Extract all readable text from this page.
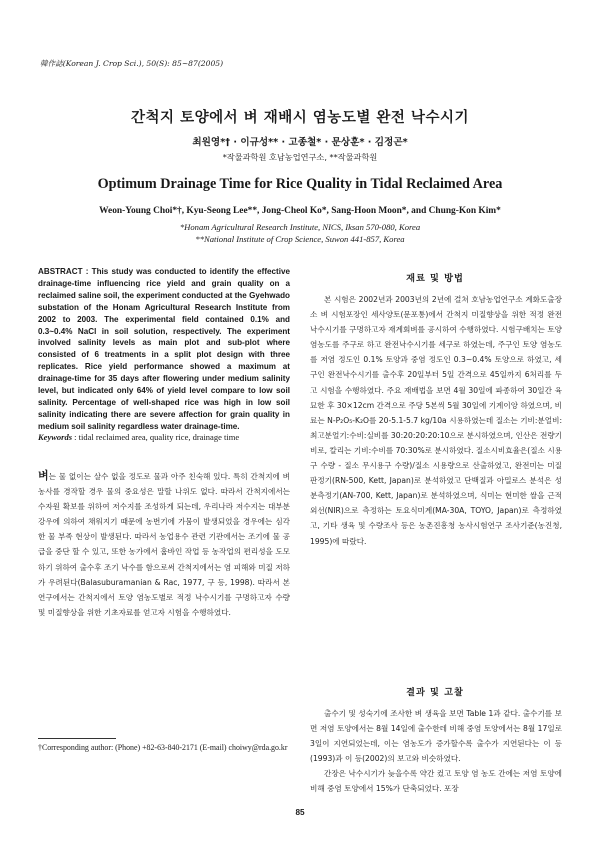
韓作誌(Korean J. Crop Sci.), 50(S): 85~87(2005)
간척지 토양에서 벼 재배시 염농도별 완전 낙수시기
최원영*† · 이규성** · 고종철* · 문상훈* · 김정곤*
*작물과학원 호남농업연구소, **작물과학원
Optimum Drainage Time for Rice Quality in Tidal Reclaimed Area
Weon-Young Choi*†, Kyu-Seong Lee**, Jong-Cheol Ko*, Sang-Hoon Moon*, and Chung-Kon Kim*
*Honam Agricultural Research Institute, NICS, Iksan 570-080, Korea
**National Institute of Crop Science, Suwon 441-857, Korea
ABSTRACT : This study was conducted to identify the effective drainage-time influencing rice yield and grain quality on a reclaimed saline soil, the experiment conducted at the Gyehwado substation of the Honam Agricultural Research Institute from 2002 to 2003. The experimental field contained 0.1% and 0.3~0.4% NaCl in soil solution, respectively. The experiment involved salinity levels as main plot and sub-plot where consisted of 6 treatments in a split plot design with three replicates. Rice yield performance showed a maximum at drainage-time for 35 days after flowering under medium salinity level, but indicated only 64% of yield level compare to low soil salinity. Percentage of well-shaped rice was high in low soil salinity indicating there are severe affection for grain quality in medium soil salinity regardless water drainage-time.
Keywords : tidal reclaimed area, quality rice, drainage time
벼는 물 없이는 살수 없을 정도로 물과 아주 친숙해 있다. 특히 간척지에 벼농사를 경작할 경우 물의 중요성은 말할 나위도 없다. 따라서 간척지에서는 수자원 확보를 위하여 저수지를 조성하게 되는데, 우리나라 저수지는 대부분 강우에 의하여 채워지기 때문에 농번기에 가뭄이 발생되었을 경우에는 심각한 물 부족 현상이 발생된다. 따라서 농업용수 관련 기관에서는 조기에 물 공급을 중단 할 수 있고, 또한 농가에서 훔바인 작업 등 농작업의 편리성을 도모하기 위하여 출수후 조기 낙수를 함으로써 간척지에서는 염 피해와 미질 저하가 우려된다(Balasuburamanian & Rac, 1977, 구 등, 1998). 따라서 본 연구에서는 간척지에서 토양 염농도별로 적정 낙수시기를 구명하고자 수량 및 미질향상을 위한 기초자료를 얻고자 시험을 수행하였다.
†Corresponding author: (Phone) +82-63-840-2171 (E-mail) choiwy@rda.go.kr
재료 및 방법

본 시험은 2002년과 2003년의 2년에 걸쳐 호남농업연구소 계화도출장소 벼 시험포장인 세사양토(문포통)에서 간척지 미질향상을 위한 적정 완전낙수시기를 구명하고자 재계회벼를 공시하여 수행하였다. 시험구배치는 토양 염농도를 주구로 하고 완전낙수시기를 세구로 하였는데, 주구인 토양 염농도를 저염 정도인 0.1% 토양과 중염 정도인 0.3~0.4% 토양으로 하였고, 세구인 완전낙수시기를 출수후 20일부터 5일 간격으로 45일까지 6처리를 두고 시험을 수행하였다. 주요 재배법을 보면 4월 30일에 파종하여 30일간 육묘한 후 30×12cm 간격으로 주당 5본씩 5월 30일에 기계이앙 하였으며, 비료는 N-P₂O₅-K₂O를 20-5.1-5.7 kg/10a 시용하였는데 질소는 기비:분얼비:최고분얼기:수비:실비를 30:20:20:20:10으로 분시하였으며, 인산은 전량기비로, 칼리는 기비:수비를 70:30%로 분시하였다. 질소시비효율은(질소 시용구 수량 - 질소 무시용구 수량)/질소 시용량으로 산출하였고, 완전미는 미질판정기(RN-500, Kett, Japan)로 분석하였고 단백질과 아밀로스 분석은 성분측정기(AN-700, Kett, Japan)로 분석하였으며, 식미는 현미한 쌀을 근적외선(NIR)으로 측정하는 토요식미계(MA-30A, TOYO, Japan)로 측정하였고, 기타 생육 및 수량조사 등은 농촌진흥청 농사시험연구 조사기준(농진청, 1995)에 따랐다.

결과 및 고찰

출수기 및 성숙기에 조사한 벼 생육을 보면 Table 1과 같다. 출수기를 보면 저염 토양에서는 8월 14일에 출수한데 비해 중염 토양에서는 8월 17일로 3일이 지연되었는데, 이는 염농도가 증가할수록 출수가 지연된다는 이 등(1993)과 이 등(2002)의 보고와 비슷하였다.

간장은 낙수시기가 늦을수록 약간 컸고 토양 염 농도 간에는 저염 토양에 비해 중염 토양에서 15%가 단축되었다. 포장

85
